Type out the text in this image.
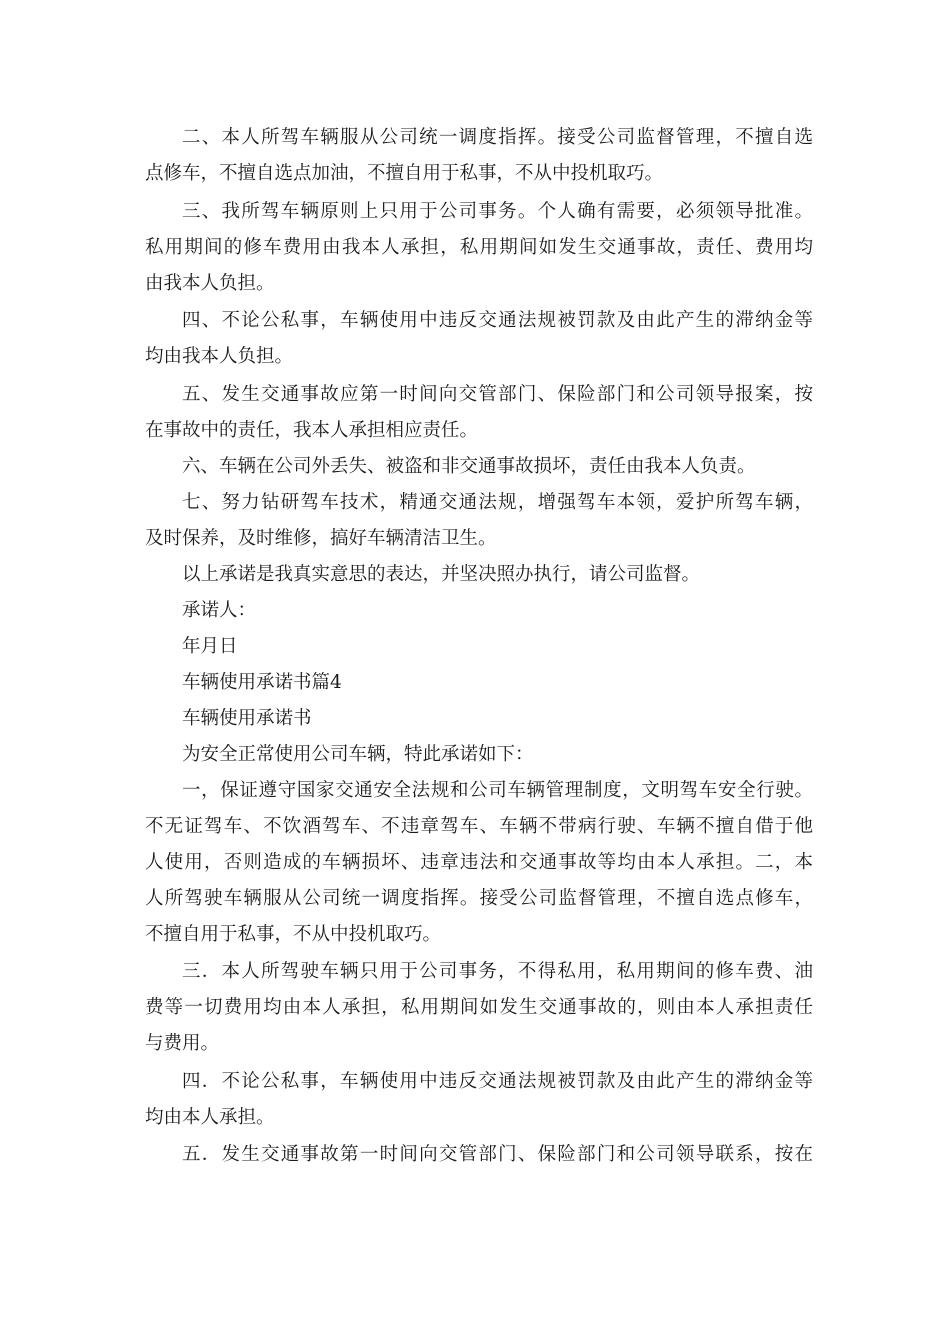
二、本人所驾车辆服从公司统一调度指挥。接受公司监督管理，不擅自选
点修车，不擅自选点加油，不擅自用于私事，不从中投机取巧。
三、我所驾车辆原则上只用于公司事务。个人确有需要，必须领导批准。
私用期间的修车费用由我本人承担，私用期间如发生交通事故，责任、费用均
由我本人负担。
四、不论公私事，车辆使用中违反交通法规被罚款及由此产生的滞纳金等
均由我本人负担。
五、发生交通事故应第一时间向交管部门、保险部门和公司领导报案，按
在事故中的责任，我本人承担相应责任。
六、车辆在公司外丢失、被盗和非交通事故损坏，责任由我本人负责。
七、努力钻研驾车技术，精通交通法规，增强驾车本领，爱护所驾车辆，
及时保养，及时维修，搞好车辆清洁卫生。
以上承诺是我真实意思的表达，并坚决照办执行，请公司监督。
承诺人：
年月日
车辆使用承诺书篇4
车辆使用承诺书
为安全正常使用公司车辆，特此承诺如下：
一，保证遵守国家交通安全法规和公司车辆管理制度，文明驾车安全行驶。
不无证驾车、不饮酒驾车、不违章驾车、车辆不带病行驶、车辆不擅自借于他
人使用，否则造成的车辆损坏、违章违法和交通事故等均由本人承担。二，本
人所驾驶车辆服从公司统一调度指挥。接受公司监督管理，不擅自选点修车，
不擅自用于私事，不从中投机取巧。
三．本人所驾驶车辆只用于公司事务，不得私用，私用期间的修车费、油
费等一切费用均由本人承担，私用期间如发生交通事故的，则由本人承担责任
与费用。
四．不论公私事，车辆使用中违反交通法规被罚款及由此产生的滞纳金等
均由本人承担。
五．发生交通事故第一时间向交管部门、保险部门和公司领导联系，按在
